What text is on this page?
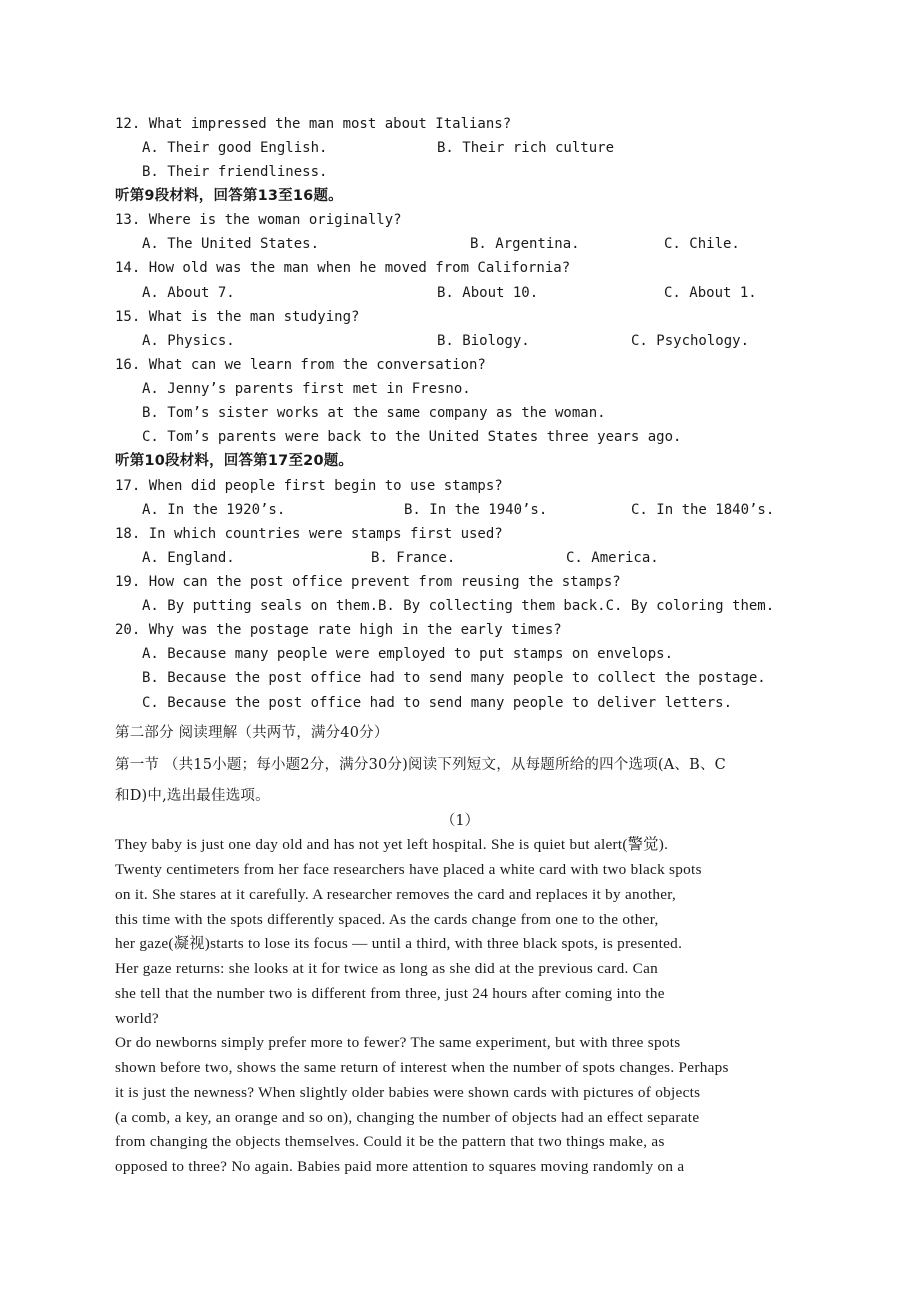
12. What impressed the man most about Italians?
A. Their good English.	B. Their rich culture
B. Their friendliness.
听第9段材料，回答第13至16题。
13. Where is the woman originally?
A. The United States.	B. Argentina.	C. Chile.
14. How old was the man when he moved from California?
A. About 7.	B. About 10.	C. About 1.
15. What is the man studying?
A. Physics.	B. Biology.	C. Psychology.
16. What can we learn from the conversation?
A. Jenny’s parents first met in Fresno.
B. Tom’s sister works at the same company as the woman.
C. Tom’s parents were back to the United States three years ago.
听第10段材料，回答第17至20题。
17. When did people first begin to use stamps?
A. In the 1920’s.	B. In the 1940’s.	C. In the 1840’s.
18. In which countries were stamps first used?
A. England.	B. France.	C. America.
19. How can the post office prevent from reusing the stamps?
A. By putting seals on them.B. By collecting them back.C. By coloring them.
20. Why was the postage rate high in the early times?
A. Because many people were employed to put stamps on envelops.
B. Because the post office had to send many people to collect the postage.
C. Because the post office had to send many people to deliver letters.
第二部分 阅读理解（共两节，满分40分）
第一节 （共15小题；每小题2分，满分30分)阅读下列短文，从每题所给的四个选项(A、B、C
和D)中,选出最佳选项。
（1）
They baby is just one day old and has not yet left hospital. She is quiet but alert(警觉).
Twenty centimeters from her face researchers have placed a white card with two black spots
on it. She stares at it carefully. A researcher removes the card and replaces it by another,
this time with the spots differently spaced. As the cards change from one to the other,
her gaze(凝视)starts to lose its focus — until a third, with three black spots, is presented.
Her gaze returns: she looks at it for twice as long as she did at the previous card. Can
she tell that the number two is different from three, just 24 hours after coming into the
world?
Or do newborns simply prefer more to fewer? The same experiment, but with three spots
shown before two, shows the same return of interest when the number of spots changes. Perhaps
it is just the newness? When slightly older babies were shown cards with pictures of objects
(a comb, a key, an orange and so on), changing the number of objects had an effect separate
from changing the objects themselves. Could it be the pattern that two things make, as
opposed to three? No again. Babies paid more attention to squares moving randomly on a
